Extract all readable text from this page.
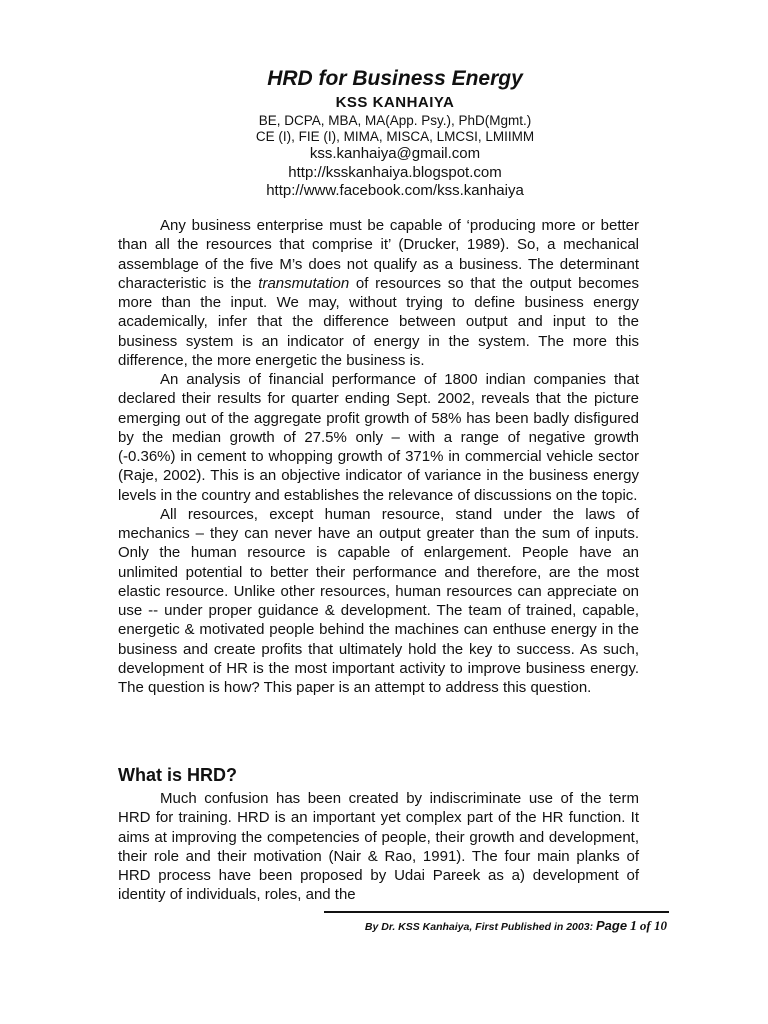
HRD for Business Energy
KSS KANHAIYA
BE, DCPA, MBA, MA(App. Psy.), PhD(Mgmt.)
CE (I), FIE (I), MIMA, MISCA, LMCSI, LMIIMM
kss.kanhaiya@gmail.com
http://ksskanhaiya.blogspot.com
http://www.facebook.com/kss.kanhaiya

Any business enterprise must be capable of ‘producing more or better than all the resources that comprise it’ (Drucker, 1989). So, a mechanical assemblage of the five M’s does not qualify as a business. The determinant characteristic is the transmutation of resources so that the output becomes more than the input. We may, without trying to define business energy academically, infer that the difference between output and input to the business system is an indicator of energy in the system. The more this difference, the more energetic the business is.

An analysis of financial performance of 1800 indian companies that declared their results for quarter ending Sept. 2002, reveals that the picture emerging out of the aggregate profit growth of 58% has been badly disfigured by the median growth of 27.5% only – with a range of negative growth (-0.36%) in cement to whopping growth of 371% in commercial vehicle sector (Raje, 2002). This is an objective indicator of variance in the business energy levels in the country and establishes the relevance of discussions on the topic.

All resources, except human resource, stand under the laws of mechanics – they can never have an output greater than the sum of inputs. Only the human resource is capable of enlargement. People have an unlimited potential to better their performance and therefore, are the most elastic resource. Unlike other resources, human resources can appreciate on use -- under proper guidance & development. The team of trained, capable, energetic & motivated people behind the machines can enthuse energy in the business and create profits that ultimately hold the key to success. As such, development of HR is the most important activity to improve business energy. The question is how? This paper is an attempt to address this question.

What is HRD?

Much confusion has been created by indiscriminate use of the term HRD for training. HRD is an important yet complex part of the HR function. It aims at improving the competencies of people, their growth and development, their role and their motivation (Nair & Rao, 1991). The four main planks of HRD process have been proposed by Udai Pareek as a) development of identity of individuals, roles, and the

By Dr. KSS Kanhaiya, First Published in 2003: Page 1 of 10
